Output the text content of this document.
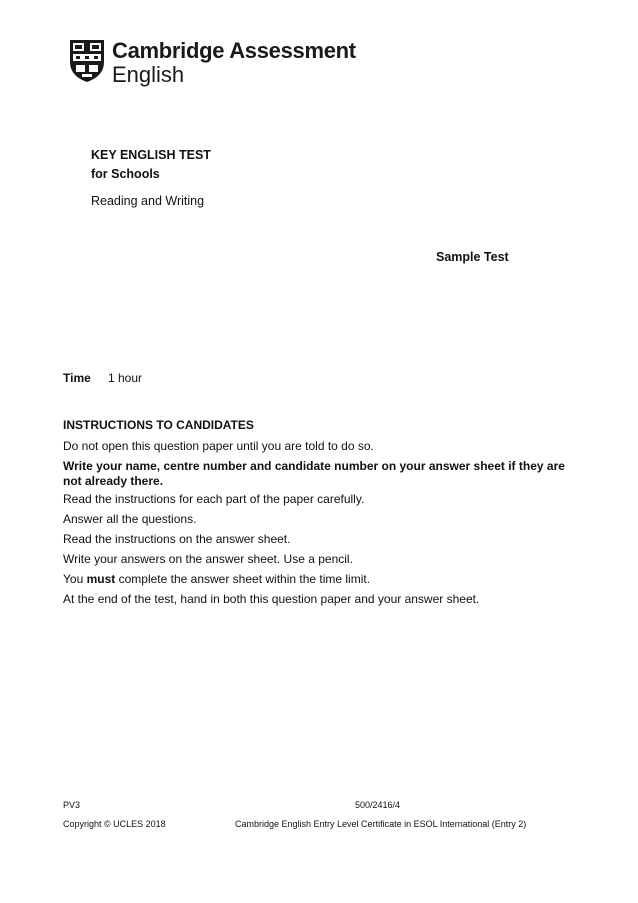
Cambridge Assessment
English
KEY ENGLISH TEST
for Schools
Reading and Writing
Sample Test
Time 1 hour
INSTRUCTIONS TO CANDIDATES
Do not open this question paper until you are told to do so.
Write your name, centre number and candidate number on your answer sheet if they are not already there.
Read the instructions for each part of the paper carefully.
Answer all the questions.
Read the instructions on the answer sheet.
Write your answers on the answer sheet. Use a pencil.
You must complete the answer sheet within the time limit.
At the end of the test, hand in both this question paper and your answer sheet.
PV3	500/2416/4
Copyright © UCLES 2018	Cambridge English Entry Level Certificate in ESOL International (Entry 2)
